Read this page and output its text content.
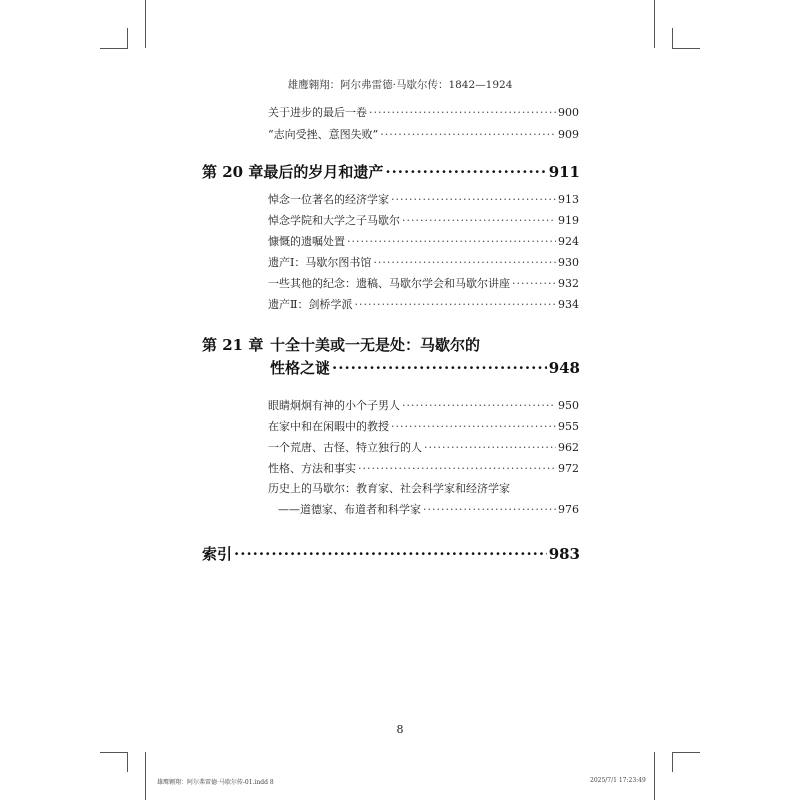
雄鹰翱翔：阿尔弗雷德·马歇尔传：1842—1924
关于进步的最后一卷 ·····	900
“志向受挫、意图失败” ·····	909
第 20 章 最后的岁月和遗产 ·····	911
悼念一位著名的经济学家 ·····	913
悼念学院和大学之子马歇尔 ·····	919
慷慨的遗嘱处置 ·····	924
遗产Ⅰ：马歇尔图书馆 ·····	930
一些其他的纪念：遗稿、马歇尔学会和马歇尔讲座 ·····	932
遗产Ⅱ：剑桥学派 ·····	934
第 21 章 十全十美或一无是处：马歇尔的
性格之谜 ·····	948
眼睛炯炯有神的小个子男人 ·····	950
在家中和在闲暇中的教授 ·····	955
一个荒唐、古怪、特立独行的人 ·····	962
性格、方法和事实 ·····	972
历史上的马歇尔：教育家、社会科学家和经济学家
——道德家、布道者和科学家 ·····	976
索引 ·····	983
8
雄鹰翱翔：阿尔弗雷德·马歇尔传-01.indd 8	2025/7/1 17:23:49
